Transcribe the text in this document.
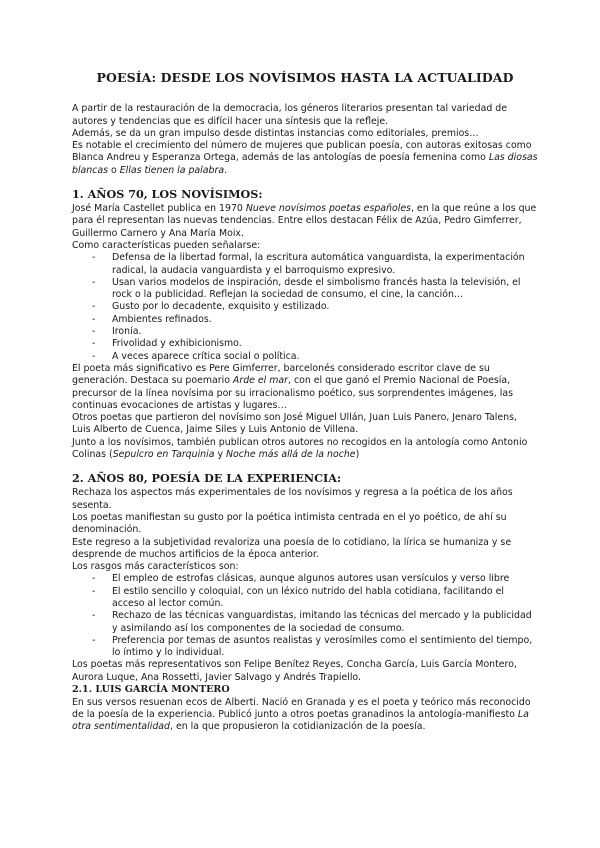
POESÍA: DESDE LOS NOVÍSIMOS HASTA LA ACTUALIDAD

A partir de la restauración de la democracia, los géneros literarios presentan tal variedad de autores y tendencias que es difícil hacer una síntesis que la refleje.

Además, se da un gran impulso desde distintas instancias como editoriales, premios…

Es notable el crecimiento del número de mujeres que publican poesía, con autoras exitosas como Blanca Andreu y Esperanza Ortega, además de las antologías de poesía femenina como Las diosas blancas o Ellas tienen la palabra.

1. AÑOS 70, LOS NOVÍSIMOS:

José María Castellet publica en 1970 Nueve novísimos poetas españoles, en la que reúne a los que para él representan las nuevas tendencias. Entre ellos destacan Félix de Azúa, Pedro Gimferrer, Guillermo Carnero y Ana María Moix.

Como características pueden señalarse:

- Defensa de la libertad formal, la escritura automática vanguardista, la experimentación radical, la audacia vanguardista y el barroquismo expresivo.
- Usan varios modelos de inspiración, desde el simbolismo francés hasta la televisión, el rock o la publicidad. Reflejan la sociedad de consumo, el cine, la canción…
- Gusto por lo decadente, exquisito y estilizado.
- Ambientes refinados.
- Ironía.
- Frivolidad y exhibicionismo.
- A veces aparece crítica social o política.

El poeta más significativo es Pere Gimferrer, barcelonés considerado escritor clave de su generación. Destaca su poemario Arde el mar, con el que ganó el Premio Nacional de Poesía, precursor de la línea novísima por su irracionalismo poético, sus sorprendentes imágenes, las continuas evocaciones de artistas y lugares…

Otros poetas que partieron del novísimo son José Miguel Ullán, Juan Luis Panero, Jenaro Talens, Luis Alberto de Cuenca, Jaime Siles y Luis Antonio de Villena.

Junto a los novísimos, también publican otros autores no recogidos en la antología como Antonio Colinas (Sepulcro en Tarquinia y Noche más allá de la noche)

2. AÑOS 80, POESÍA DE LA EXPERIENCIA:

Rechaza los aspectos más experimentales de los novísimos y regresa a la poética de los años sesenta.

Los poetas manifiestan su gusto por la poética intimista centrada en el yo poético, de ahí su denominación.

Este regreso a la subjetividad revaloriza una poesía de lo cotidiano, la lírica se humaniza y se desprende de muchos artificios de la época anterior.

Los rasgos más característicos son:

- El empleo de estrofas clásicas, aunque algunos autores usan versículos y verso libre
- El estilo sencillo y coloquial, con un léxico nutrido del habla cotidiana, facilitando el acceso al lector común.
- Rechazo de las técnicas vanguardistas, imitando las técnicas del mercado y la publicidad y asimilando así los componentes de la sociedad de consumo.
- Preferencia por temas de asuntos realistas y verosímiles como el sentimiento del tiempo, lo íntimo y lo individual.

Los poetas más representativos son Felipe Benítez Reyes, Concha García, Luis García Montero, Aurora Luque, Ana Rossetti, Javier Salvago y Andrés Trapiello.

2.1. LUIS GARCÍA MONTERO

En sus versos resuenan ecos de Alberti. Nació en Granada y es el poeta y teórico más reconocido de la poesía de la experiencia. Publicó junto a otros poetas granadinos la antología-manifiesto La otra sentimentalidad, en la que propusieron la cotidianización de la poesía.
